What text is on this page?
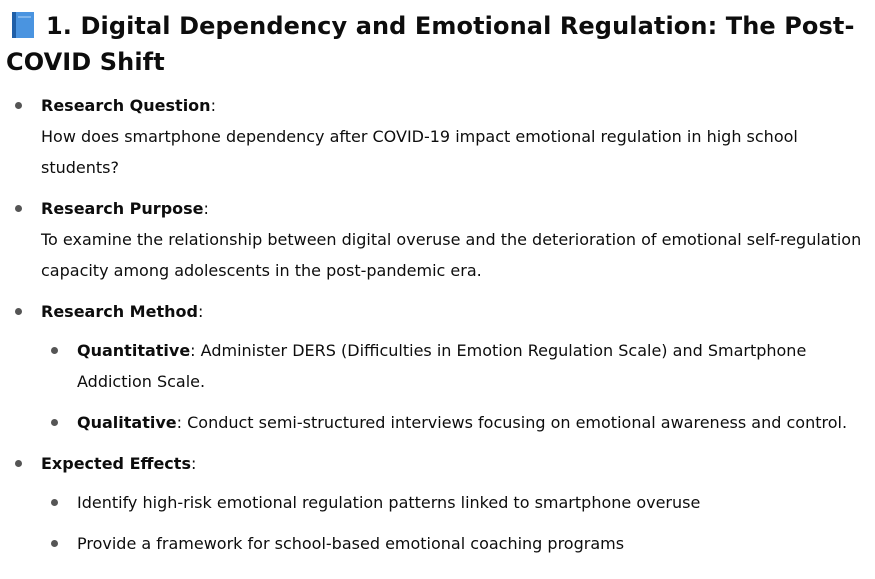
1. Digital Dependency and Emotional Regulation: The Post-COVID Shift
Research Question:
How does smartphone dependency after COVID-19 impact emotional regulation in high school students?
Research Purpose:
To examine the relationship between digital overuse and the deterioration of emotional self-regulation capacity among adolescents in the post-pandemic era.
Research Method:
Quantitative: Administer DERS (Difficulties in Emotion Regulation Scale) and Smartphone Addiction Scale.
Qualitative: Conduct semi-structured interviews focusing on emotional awareness and control.
Expected Effects:
Identify high-risk emotional regulation patterns linked to smartphone overuse
Provide a framework for school-based emotional coaching programs
